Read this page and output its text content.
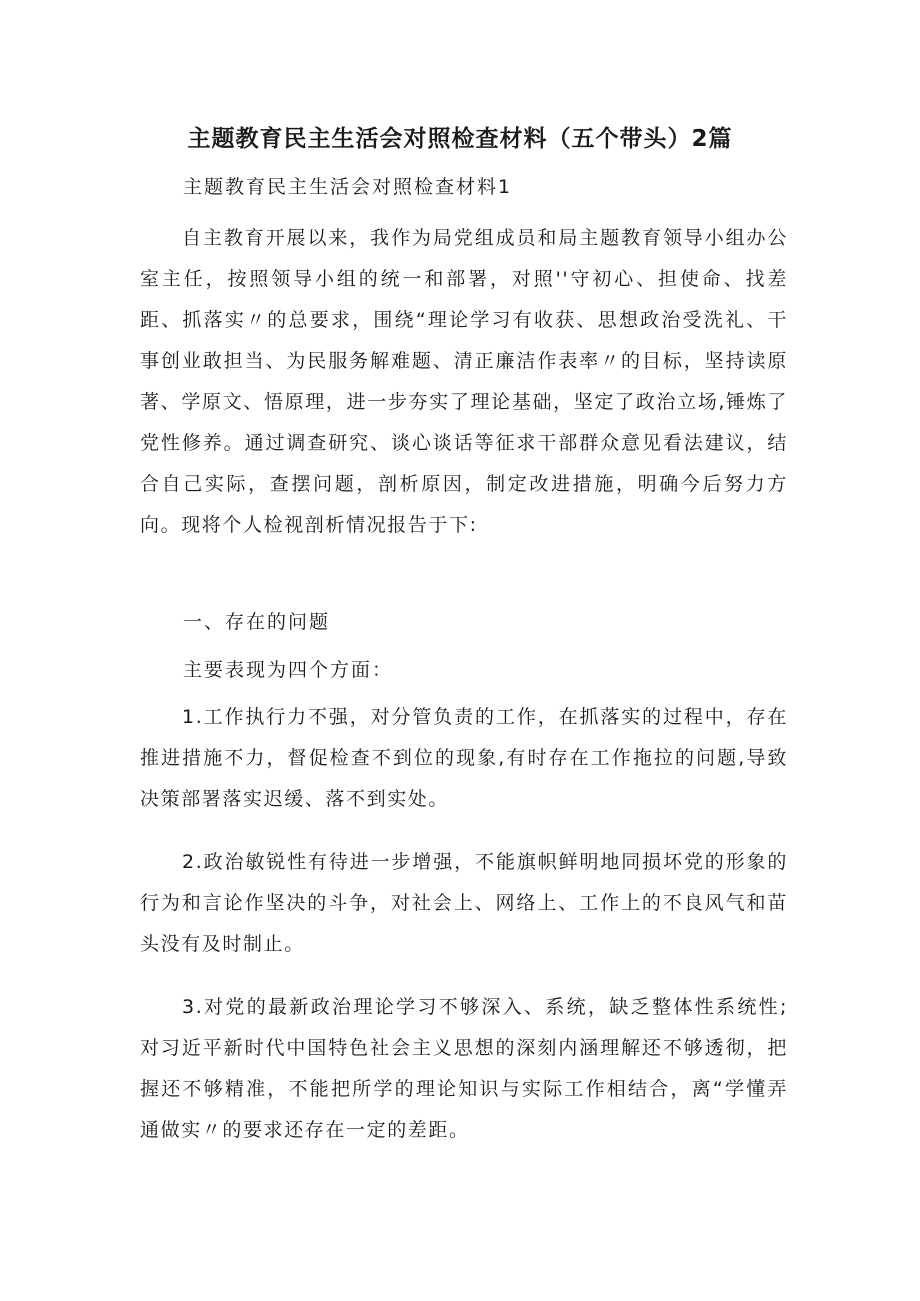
主题教育民主生活会对照检查材料（五个带头）2篇
主题教育民主生活会对照检查材料1
自主教育开展以来，我作为局党组成员和局主题教育领导小组办公室主任，按照领导小组的统一和部署，对照''守初心、担使命、找差距、抓落实〃的总要求，围绕“理论学习有收获、思想政治受洗礼、干事创业敢担当、为民服务解难题、清正廉洁作表率〃的目标，坚持读原著、学原文、悟原理，进一步夯实了理论基础，坚定了政治立场,锤炼了党性修养。通过调查研究、谈心谈话等征求干部群众意见看法建议，结合自己实际，查摆问题，剖析原因，制定改进措施，明确今后努力方向。现将个人检视剖析情况报告于下:
一、存在的问题
主要表现为四个方面：
1.工作执行力不强，对分管负责的工作，在抓落实的过程中，存在推进措施不力，督促检查不到位的现象,有时存在工作拖拉的问题,导致决策部署落实迟缓、落不到实处。
2.政治敏锐性有待进一步增强，不能旗帜鲜明地同损坏党的形象的行为和言论作坚决的斗争，对社会上、网络上、工作上的不良风气和苗头没有及时制止。
3.对党的最新政治理论学习不够深入、系统，缺乏整体性系统性;对习近平新时代中国特色社会主义思想的深刻内涵理解还不够透彻，把握还不够精准，不能把所学的理论知识与实际工作相结合，离“学懂弄通做实〃的要求还存在一定的差距。
